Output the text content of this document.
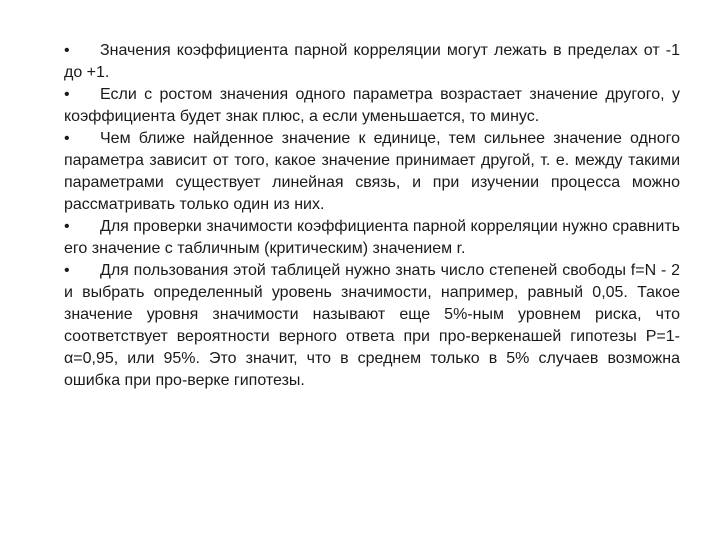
• Значения коэффициента парной корреляции могут лежать в пределах от -1 до +1.

• Если с ростом значения одного параметра возрастает значение другого, у коэффициента будет знак плюс, а если уменьшается, то минус.

• Чем ближе найденное значение к единице, тем сильнее значение одного параметра зависит от того, какое значение принимает другой, т. е. между такими параметрами существует линейная связь, и при изучении процесса можно рассматривать только один из них.

• Для проверки значимости коэффициента парной корреляции нужно сравнить его значение с табличным (критическим) значением r.

• Для пользования этой таблицей нужно знать число степеней свободы f=N - 2 и выбрать определенный уровень значимости, например, равный 0,05. Такое значение уровня значимости называют еще 5%-ным уровнем риска, что соответствует вероятности верного ответа при про-веркенашей гипотезы P=1-α=0,95, или 95%. Это значит, что в среднем только в 5% случаев возможна ошибка при про-верке гипотезы.
